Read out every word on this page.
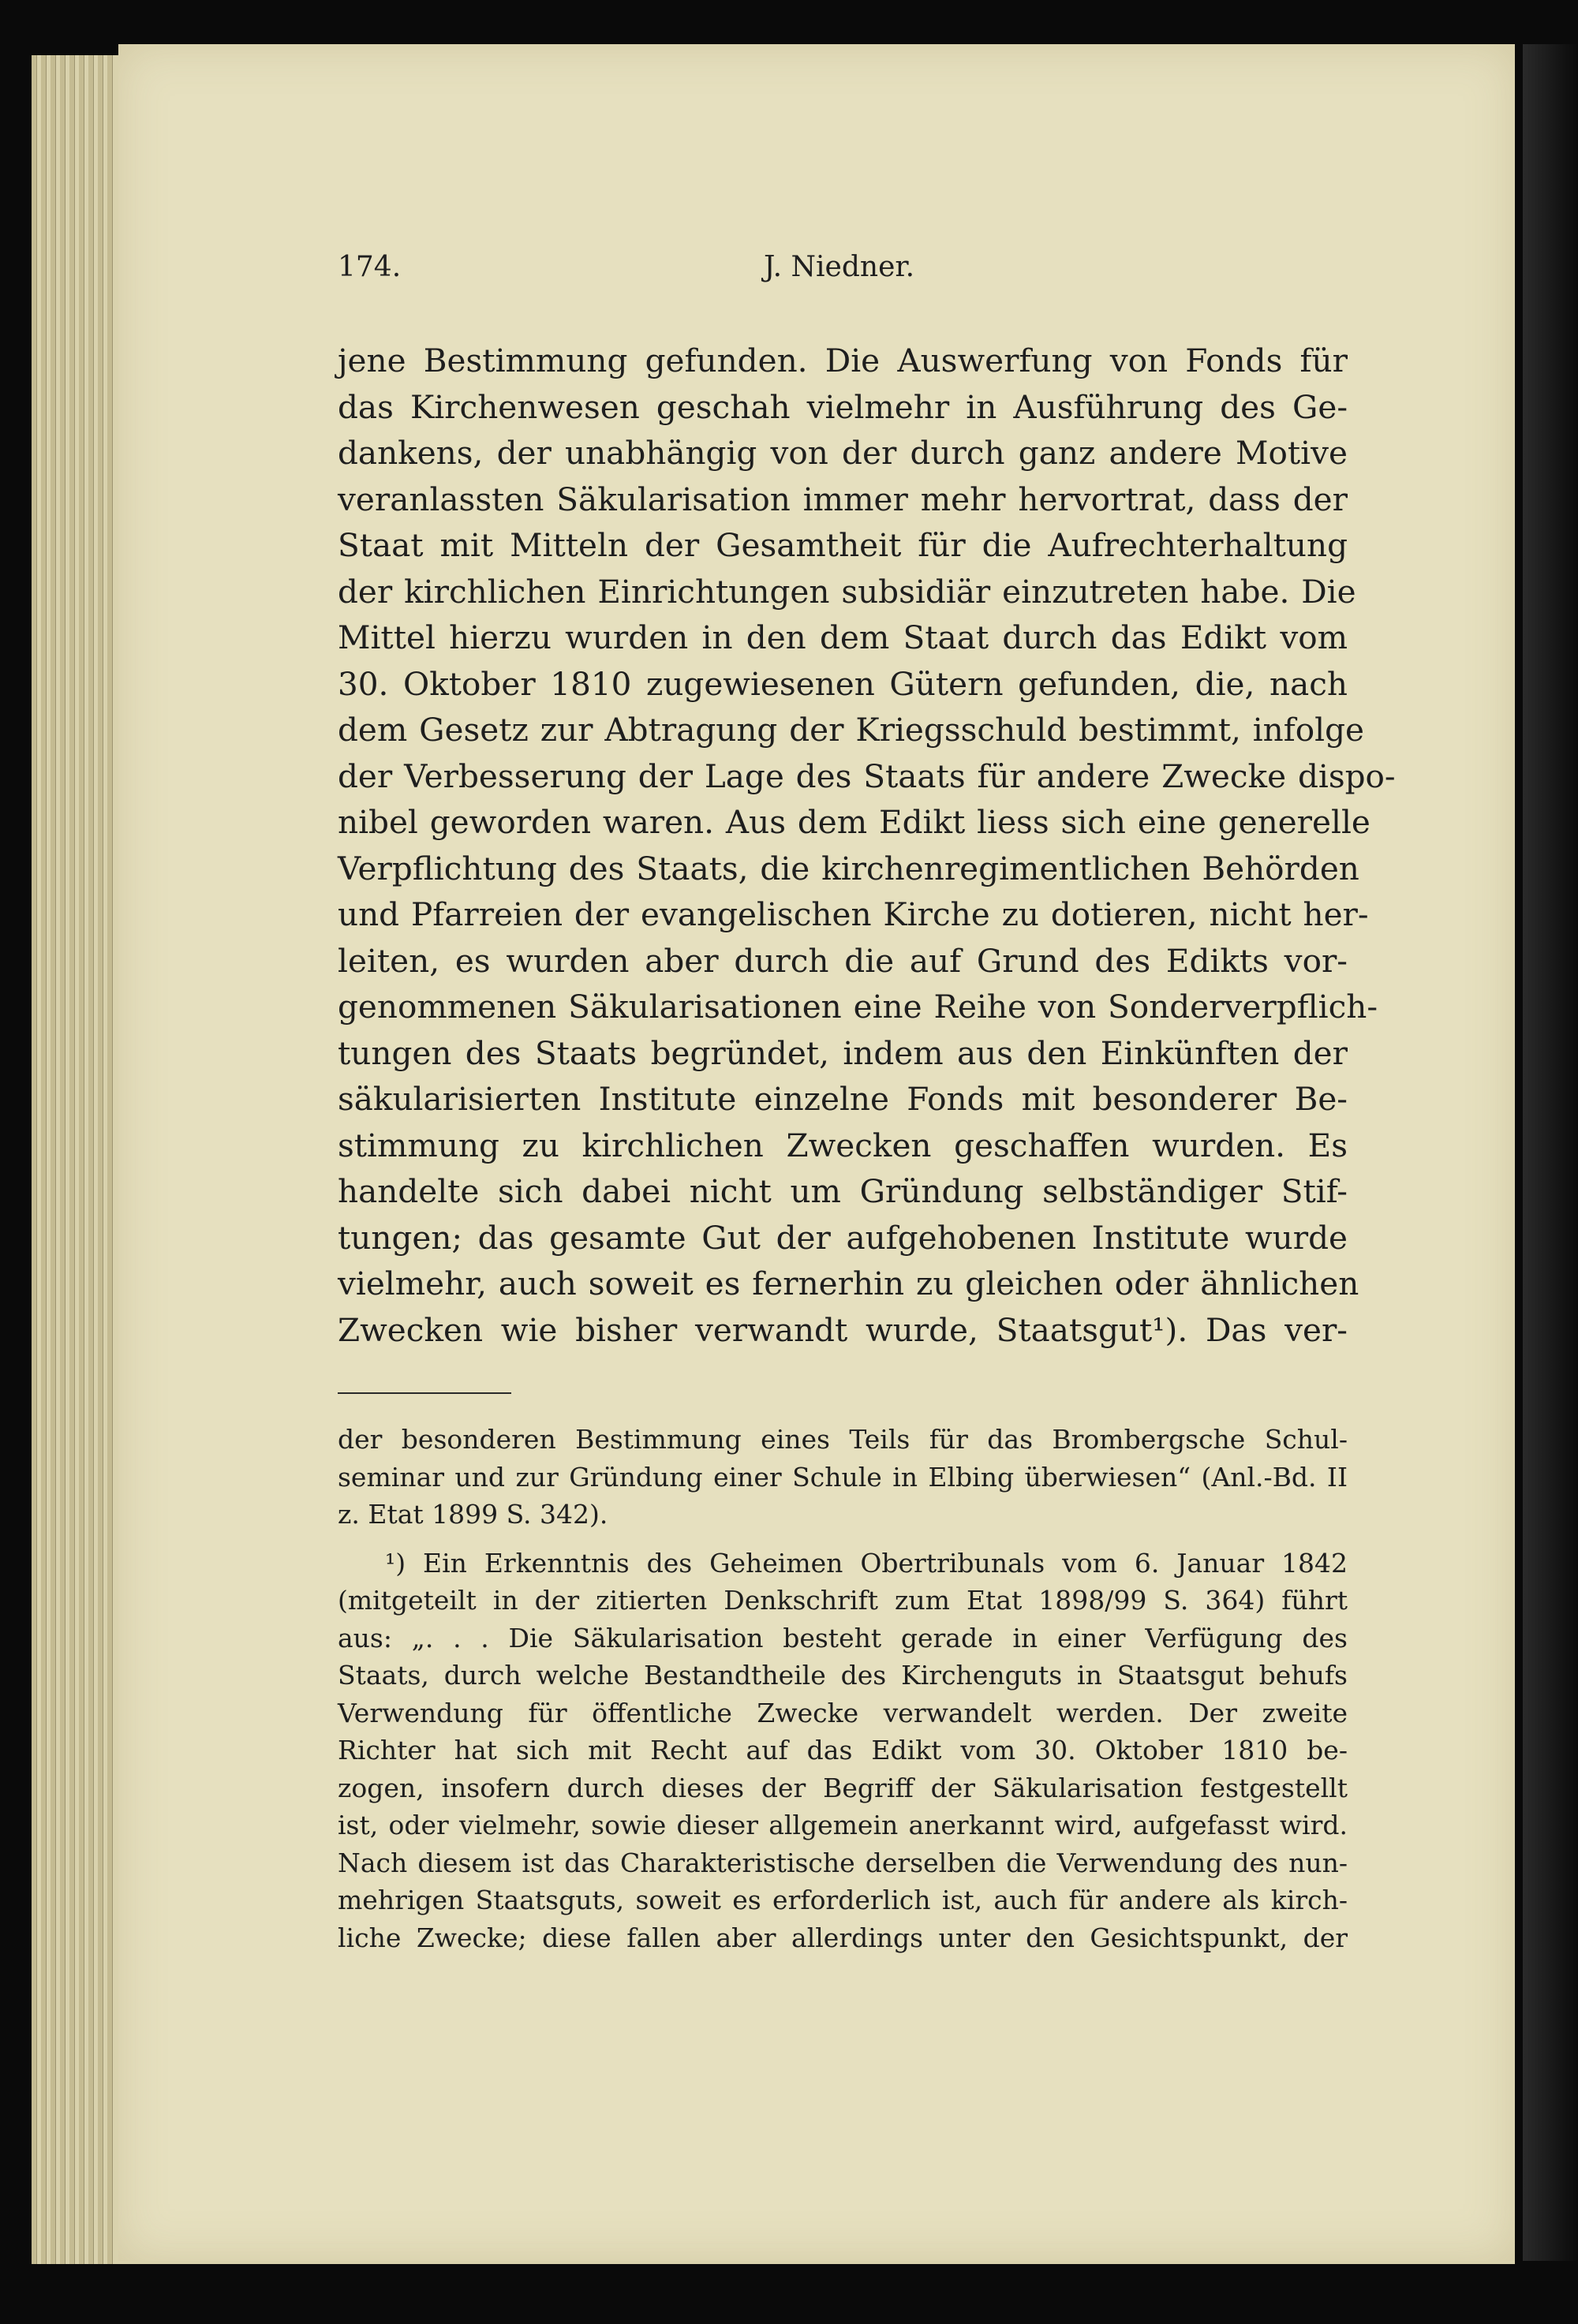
174.	J. Niedner.
jene Bestimmung gefunden. Die Auswerfung von Fonds für
das Kirchenwesen geschah vielmehr in Ausführung des Ge-
dankens, der unabhängig von der durch ganz andere Motive
veranlassten Säkularisation immer mehr hervortrat, dass der
Staat mit Mitteln der Gesamtheit für die Aufrechterhaltung
der kirchlichen Einrichtungen subsidiär einzutreten habe. Die
Mittel hierzu wurden in den dem Staat durch das Edikt vom
30. Oktober 1810 zugewiesenen Gütern gefunden, die, nach
dem Gesetz zur Abtragung der Kriegsschuld bestimmt, infolge
der Verbesserung der Lage des Staats für andere Zwecke dispo-
nibel geworden waren. Aus dem Edikt liess sich eine generelle
Verpflichtung des Staats, die kirchenregimentlichen Behörden
und Pfarreien der evangelischen Kirche zu dotieren, nicht her-
leiten, es wurden aber durch die auf Grund des Edikts vor-
genommenen Säkularisationen eine Reihe von Sonderverpflich-
tungen des Staats begründet, indem aus den Einkünften der
säkularisierten Institute einzelne Fonds mit besonderer Be-
stimmung zu kirchlichen Zwecken geschaffen wurden. Es
handelte sich dabei nicht um Gründung selbständiger Stif-
tungen; das gesamte Gut der aufgehobenen Institute wurde
vielmehr, auch soweit es fernerhin zu gleichen oder ähnlichen
Zwecken wie bisher verwandt wurde, Staatsgut¹). Das ver-
der besonderen Bestimmung eines Teils für das Brombergsche Schul-
seminar und zur Gründung einer Schule in Elbing überwiesen“ (Anl.-Bd. II
z. Etat 1899 S. 342).
¹) Ein Erkenntnis des Geheimen Obertribunals vom 6. Januar 1842
(mitgeteilt in der zitierten Denkschrift zum Etat 1898/99 S. 364) führt
aus: „. . . Die Säkularisation besteht gerade in einer Verfügung des
Staats, durch welche Bestandtheile des Kirchenguts in Staatsgut behufs
Verwendung für öffentliche Zwecke verwandelt werden. Der zweite
Richter hat sich mit Recht auf das Edikt vom 30. Oktober 1810 be-
zogen, insofern durch dieses der Begriff der Säkularisation festgestellt
ist, oder vielmehr, sowie dieser allgemein anerkannt wird, aufgefasst wird.
Nach diesem ist das Charakteristische derselben die Verwendung des nun-
mehrigen Staatsguts, soweit es erforderlich ist, auch für andere als kirch-
liche Zwecke; diese fallen aber allerdings unter den Gesichtspunkt, der
